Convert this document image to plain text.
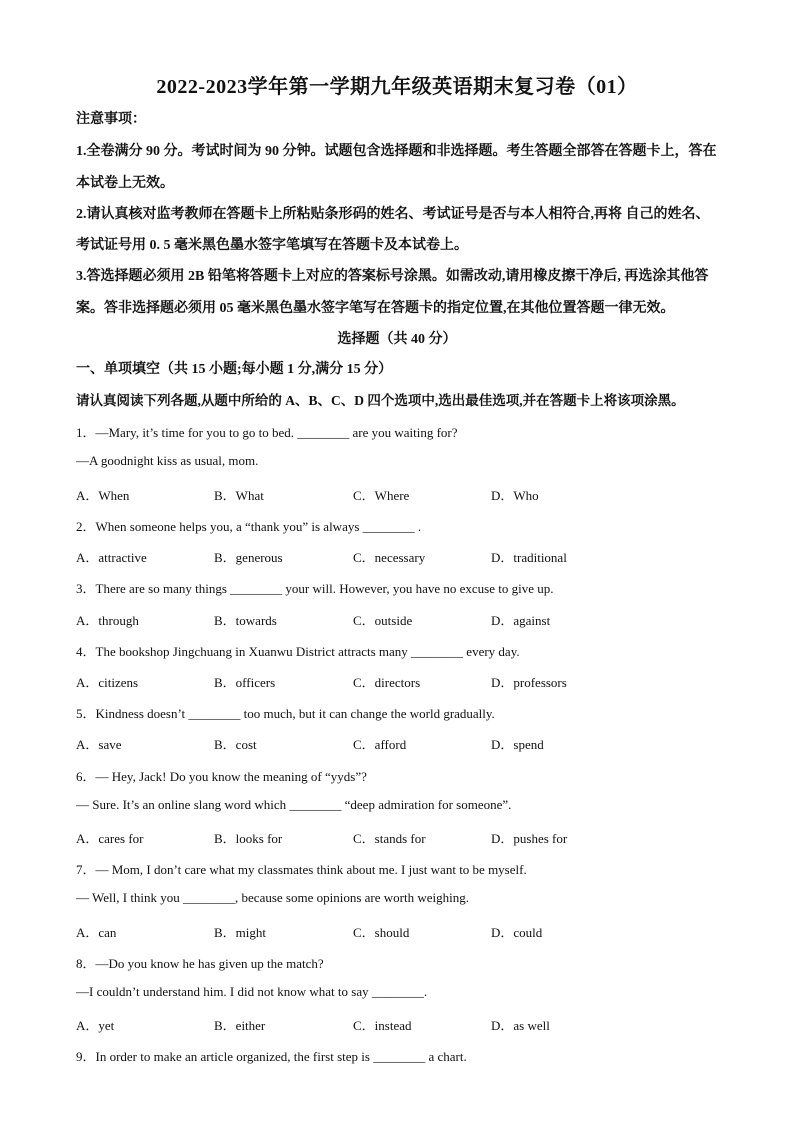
2022-2023学年第一学期九年级英语期末复习卷（01）
注意事项：
1.全卷满分 90 分。考试时间为 90 分钟。试题包含选择题和非选择题。考生答题全部答在答题卡上，答在
本试卷上无效。
2.请认真核对监考教师在答题卡上所粘贴条形码的姓名、考试证号是否与本人相符合,再将 自己的姓名、
考试证号用 0. 5 毫米黑色墨水签字笔填写在答题卡及本试卷上。
3.答选择题必须用 2B 铅笔将答题卡上对应的答案标号涂黑。如需改动,请用橡皮擦干净后, 再选涂其他答
案。答非选择题必须用 05 毫米黑色墨水签字笔写在答题卡的指定位置,在其他位置答题一律无效。
选择题（共 40 分）
一、单项填空（共 15 小题;每小题 1 分,满分 15 分）
请认真阅读下列各题,从题中所给的 A、B、C、D 四个选项中,选出最佳选项,并在答题卡上将该项涂黑。
1．—Mary, it’s time for you to go to bed. ________ are you waiting for?
—A goodnight kiss as usual, mom.
A．When	B．What	C．Where	D．Who
2．When someone helps you, a “thank you” is always ________ .
A．attractive	B．generous	C．necessary	D．traditional
3．There are so many things ________ your will. However, you have no excuse to give up.
A．through	B．towards	C．outside	D．against
4．The bookshop Jingchuang in Xuanwu District attracts many ________ every day.
A．citizens	B．officers	C．directors	D．professors
5．Kindness doesn’t ________ too much, but it can change the world gradually.
A．save	B．cost	C．afford	D．spend
6．— Hey, Jack! Do you know the meaning of “yyds”?
— Sure. It’s an online slang word which ________ “deep admiration for someone”.
A．cares for	B．looks for	C．stands for	D．pushes for
7．— Mom, I don’t care what my classmates think about me. I just want to be myself.
— Well, I think you ________, because some opinions are worth weighing.
A．can	B．might	C．should	D．could
8．—Do you know he has given up the match?
—I couldn’t understand him. I did not know what to say ________.
A．yet	B．either	C．instead	D．as well
9．In order to make an article organized, the first step is ________ a chart.
